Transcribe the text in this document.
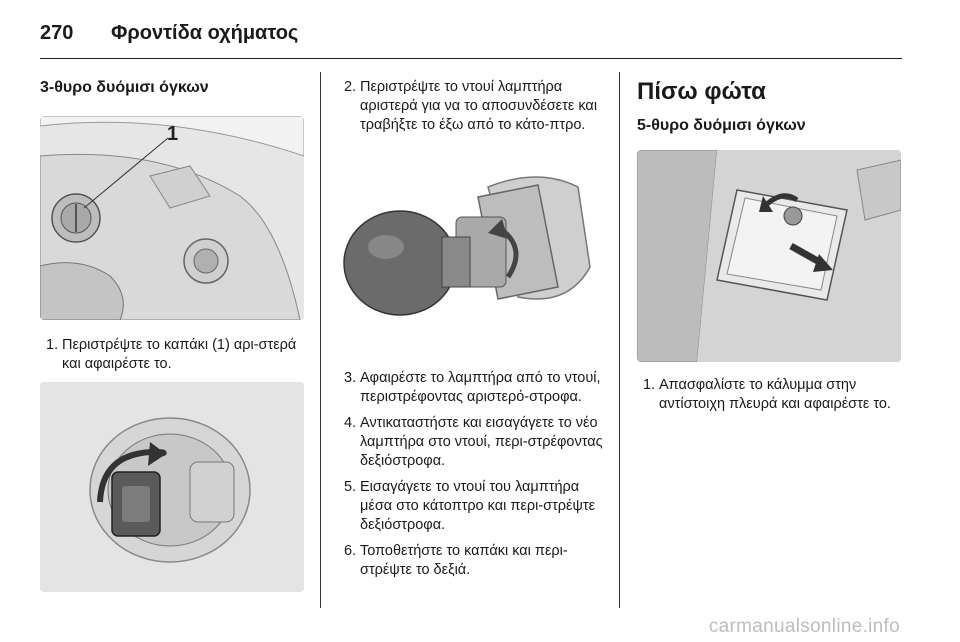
270 Φροντίδα οχήματος
3-θυρο δυόμισι όγκων
1
1. Περιστρέψτε το καπάκι (1) αρι-στερά και αφαιρέστε το.
2. Περιστρέψτε το ντουί λαμπτήρα αριστερά για να το αποσυνδέσετε και τραβήξτε το έξω από το κάτο-πτρο.
3. Αφαιρέστε το λαμπτήρα από το ντουί, περιστρέφοντας αριστερό-στροφα.
4. Αντικαταστήστε και εισαγάγετε το νέο λαμπτήρα στο ντουί, περι-στρέφοντας δεξιόστροφα.
5. Εισαγάγετε το ντουί του λαμπτήρα μέσα στο κάτοπτρο και περι-στρέψτε δεξιόστροφα.
6. Τοποθετήστε το καπάκι και περι-στρέψτε το δεξιά.
Πίσω φώτα
5-θυρο δυόμισι όγκων
1. Απασφαλίστε το κάλυμμα στην αντίστοιχη πλευρά και αφαιρέστε το.
carmanualsonline.info
